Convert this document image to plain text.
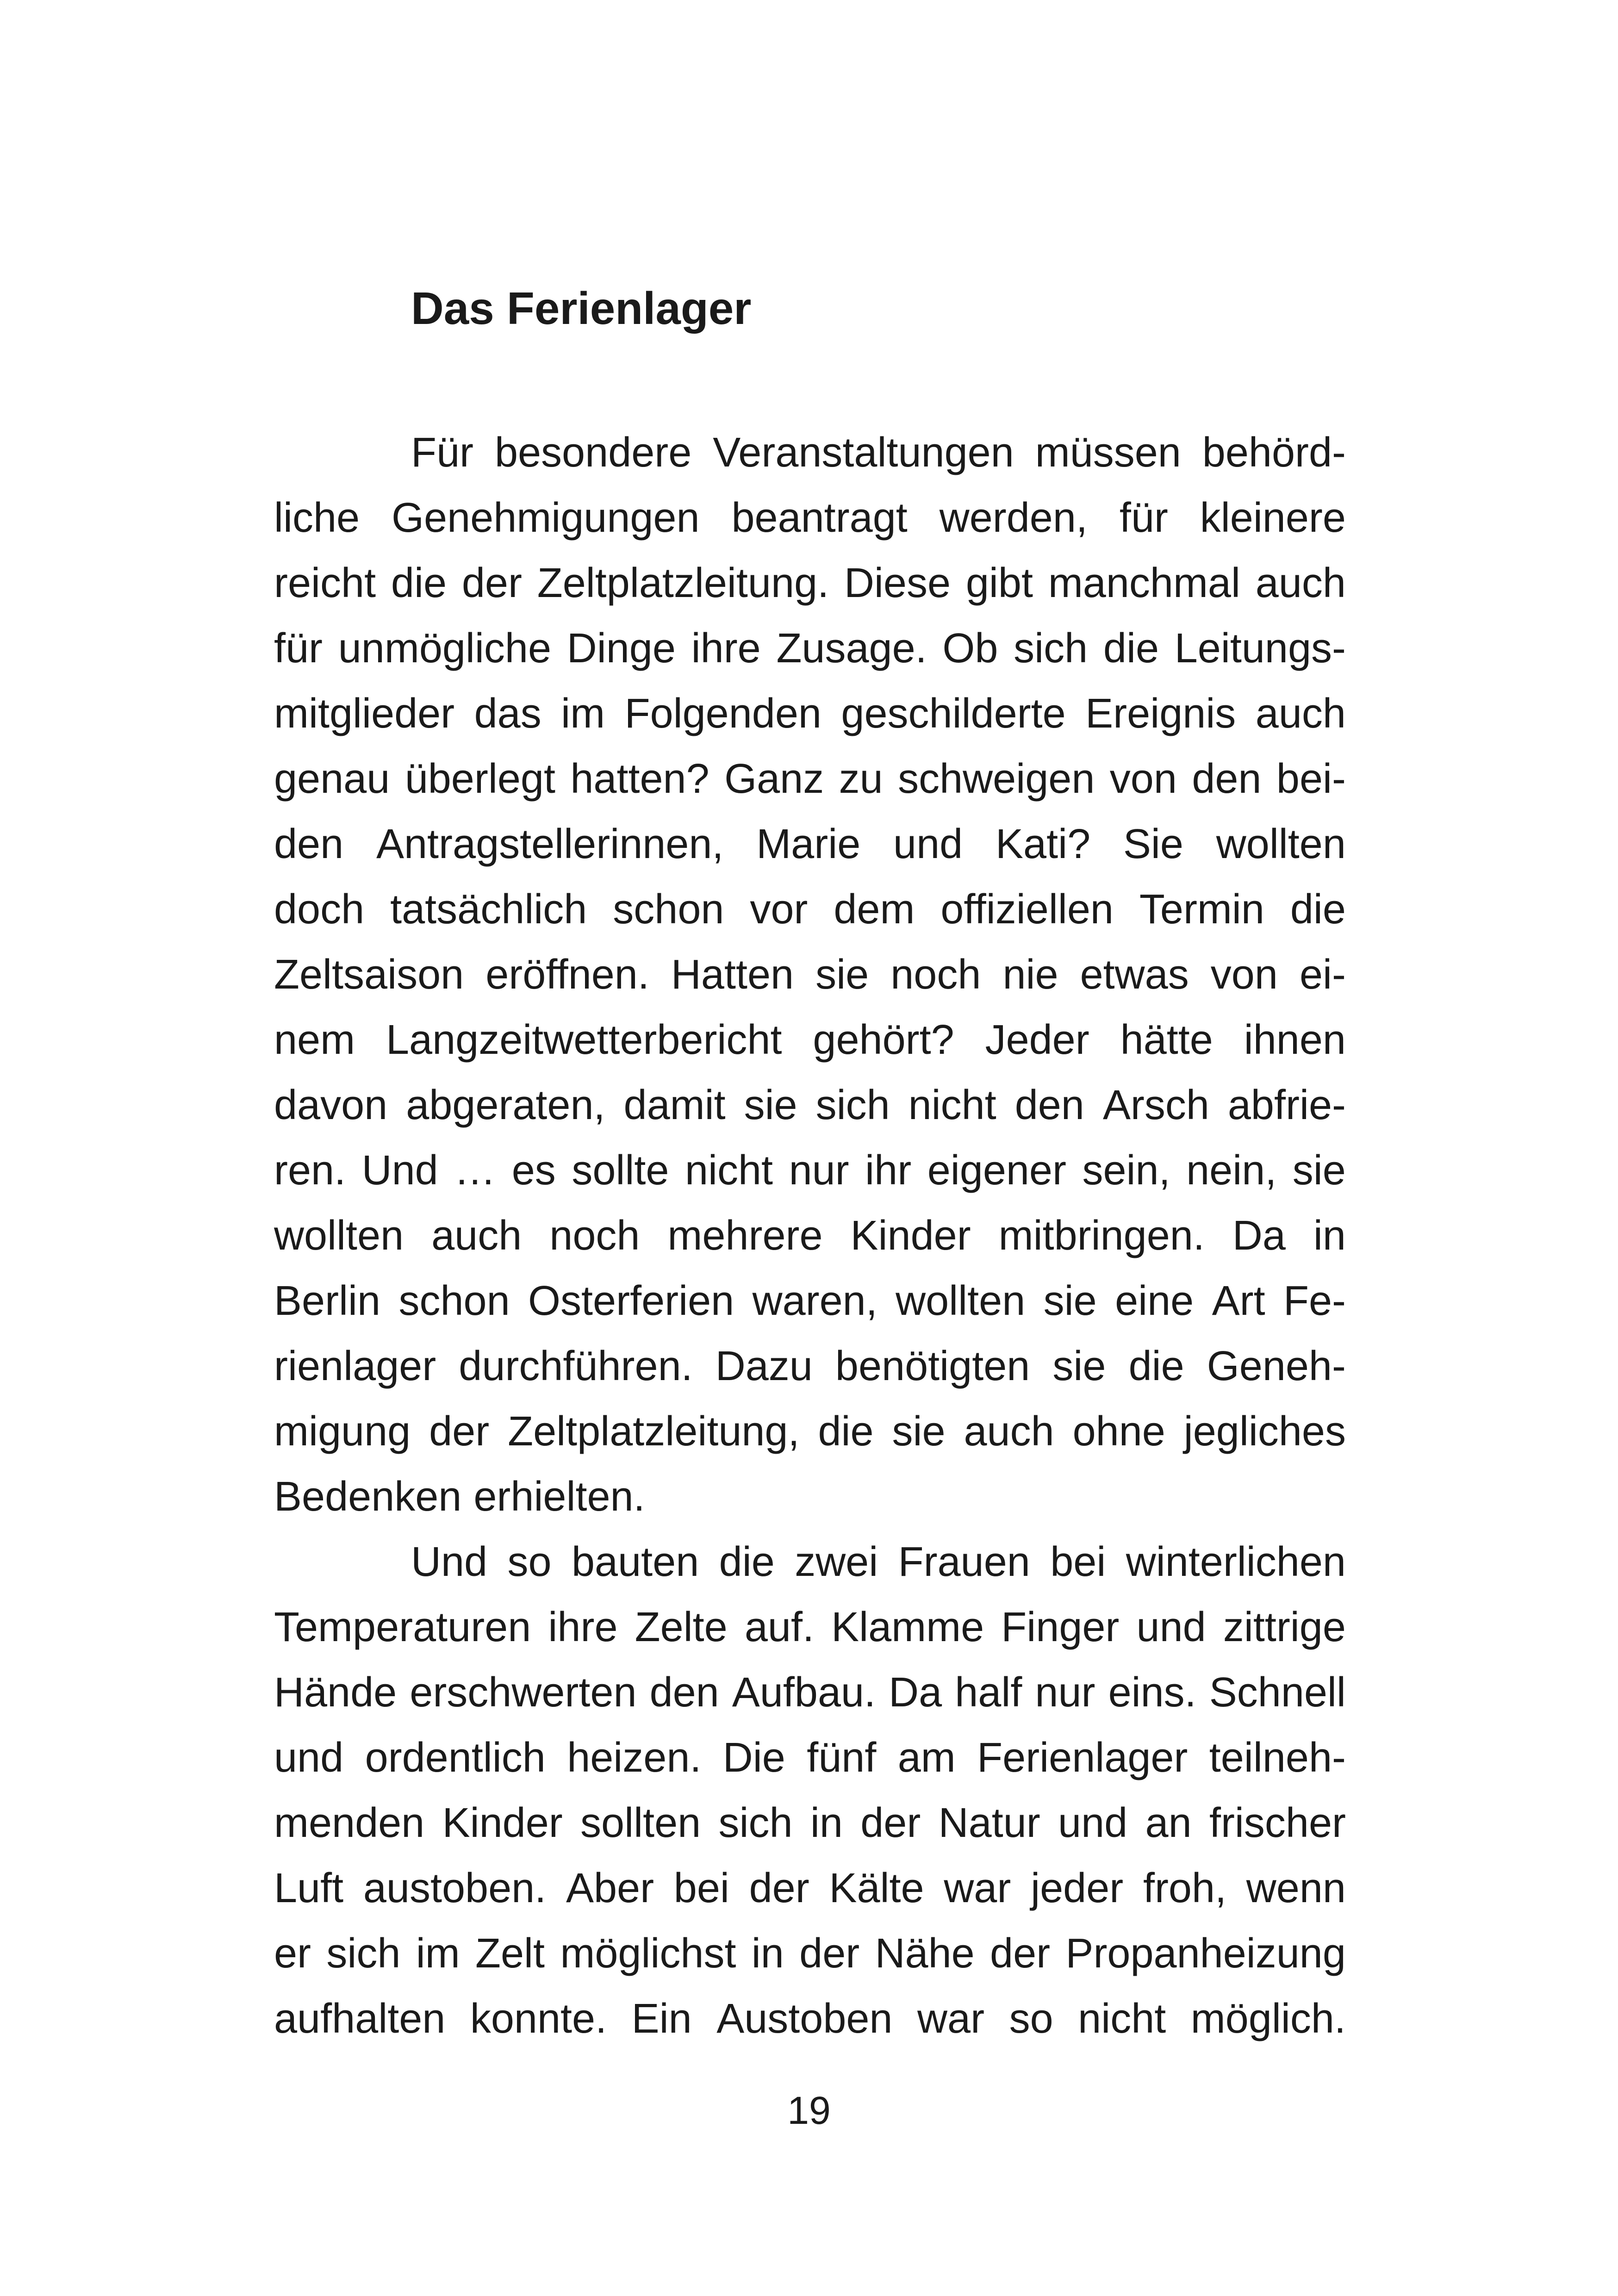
Das Ferienlager
Für besondere Veranstaltungen müssen behörd-
liche Genehmigungen beantragt werden, für kleinere
reicht die der Zeltplatzleitung. Diese gibt manchmal auch
für unmögliche Dinge ihre Zusage. Ob sich die Leitungs-
mitglieder das im Folgenden geschilderte Ereignis auch
genau überlegt hatten? Ganz zu schweigen von den bei-
den Antragstellerinnen, Marie und Kati? Sie wollten
doch tatsächlich schon vor dem offiziellen Termin die
Zeltsaison eröffnen. Hatten sie noch nie etwas von ei-
nem Langzeitwetterbericht gehört? Jeder hätte ihnen
davon abgeraten, damit sie sich nicht den Arsch abfrie-
ren. Und … es sollte nicht nur ihr eigener sein, nein, sie
wollten auch noch mehrere Kinder mitbringen. Da in
Berlin schon Osterferien waren, wollten sie eine Art Fe-
rienlager durchführen. Dazu benötigten sie die Geneh-
migung der Zeltplatzleitung, die sie auch ohne jegliches
Bedenken erhielten.
Und so bauten die zwei Frauen bei winterlichen
Temperaturen ihre Zelte auf. Klamme Finger und zittrige
Hände erschwerten den Aufbau. Da half nur eins. Schnell
und ordentlich heizen. Die fünf am Ferienlager teilneh-
menden Kinder sollten sich in der Natur und an frischer
Luft austoben. Aber bei der Kälte war jeder froh, wenn
er sich im Zelt möglichst in der Nähe der Propanheizung
aufhalten konnte. Ein Austoben war so nicht möglich.
19
